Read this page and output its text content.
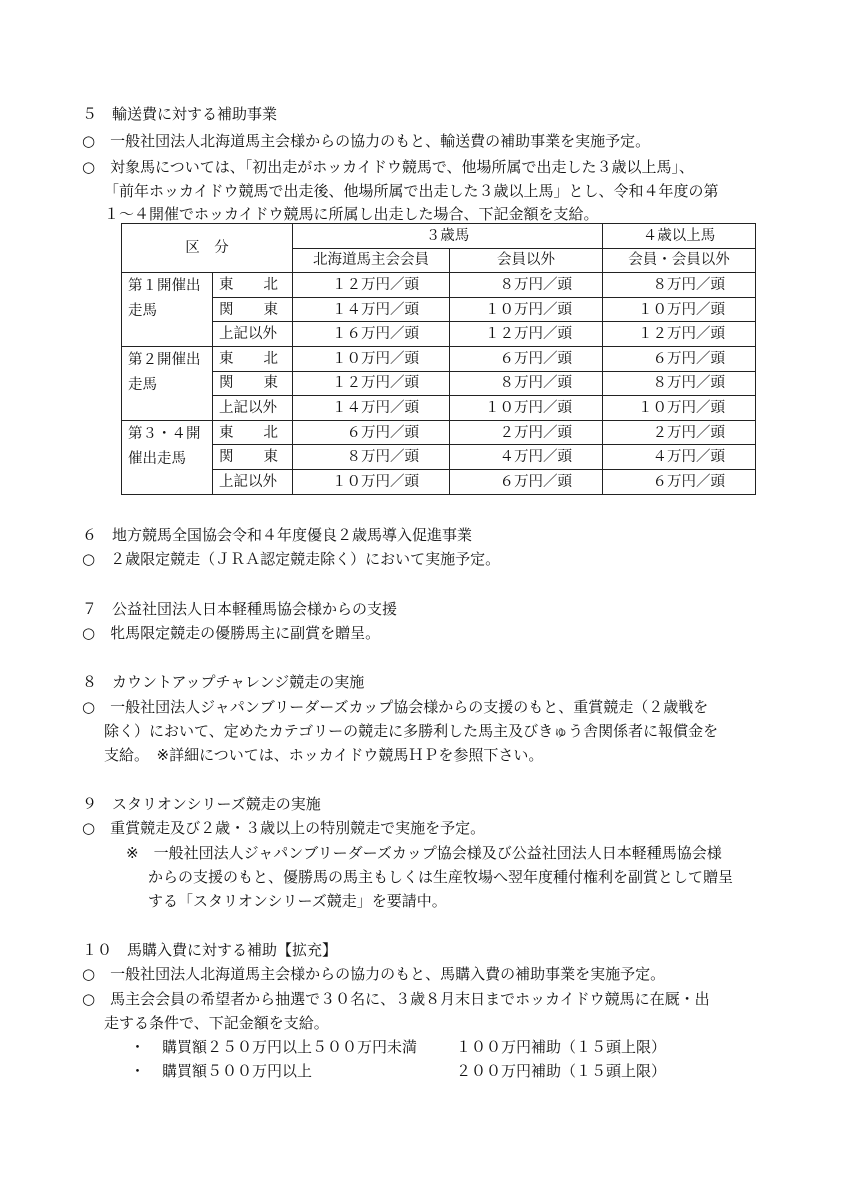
５　輸送費に対する補助事業
○　一般社団法人北海道馬主会様からの協力のもと、輸送費の補助事業を実施予定。
○　対象馬については、「初出走がホッカイドウ競馬で、他場所属で出走した３歳以上馬」、
「前年ホッカイドウ競馬で出走後、他場所属で出走した３歳以上馬」とし、令和４年度の第
１～４開催でホッカイドウ競馬に所属し出走した場合、下記金額を支給。
区　分		３歳馬		４歳以上馬
		北海道馬主会会員	会員以外	会員・会員以外
第１開催出走馬	東　北	１２万円／頭	８万円／頭	８万円／頭
	関　東	１４万円／頭	１０万円／頭	１０万円／頭
	上記以外	１６万円／頭	１２万円／頭	１２万円／頭
第２開催出走馬	東　北	１０万円／頭	６万円／頭	６万円／頭
	関　東	１２万円／頭	８万円／頭	８万円／頭
	上記以外	１４万円／頭	１０万円／頭	１０万円／頭
第３・４開催出走馬	東　北	６万円／頭	２万円／頭	２万円／頭
	関　東	８万円／頭	４万円／頭	４万円／頭
	上記以外	１０万円／頭	６万円／頭	６万円／頭
６　地方競馬全国協会令和４年度優良２歳馬導入促進事業
○　２歳限定競走（ＪＲＡ認定競走除く）において実施予定。
７　公益社団法人日本軽種馬協会様からの支援
○　牝馬限定競走の優勝馬主に副賞を贈呈。
８　カウントアップチャレンジ競走の実施
○　一般社団法人ジャパンブリーダーズカップ協会様からの支援のもと、重賞競走（２歳戦を
除く）において、定めたカテゴリーの競走に多勝利した馬主及びきゅう舎関係者に報償金を
支給。　※詳細については、ホッカイドウ競馬ＨＰを参照下さい。
９　スタリオンシリーズ競走の実施
○　重賞競走及び２歳・３歳以上の特別競走で実施を予定。
※　一般社団法人ジャパンブリーダーズカップ協会様及び公益社団法人日本軽種馬協会様
からの支援のもと、優勝馬の馬主もしくは生産牧場へ翌年度種付権利を副賞として贈呈
する「スタリオンシリーズ競走」を要請中。
１０　馬購入費に対する補助【拡充】
○　一般社団法人北海道馬主会様からの協力のもと、馬購入費の補助事業を実施予定。
○　馬主会会員の希望者から抽選で３０名に、３歳８月末日までホッカイドウ競馬に在厩・出
走する条件で、下記金額を支給。
・ 購買額２５０万円以上５００万円未満	１００万円補助（１５頭上限）
・ 購買額５００万円以上	２００万円補助（１５頭上限）
